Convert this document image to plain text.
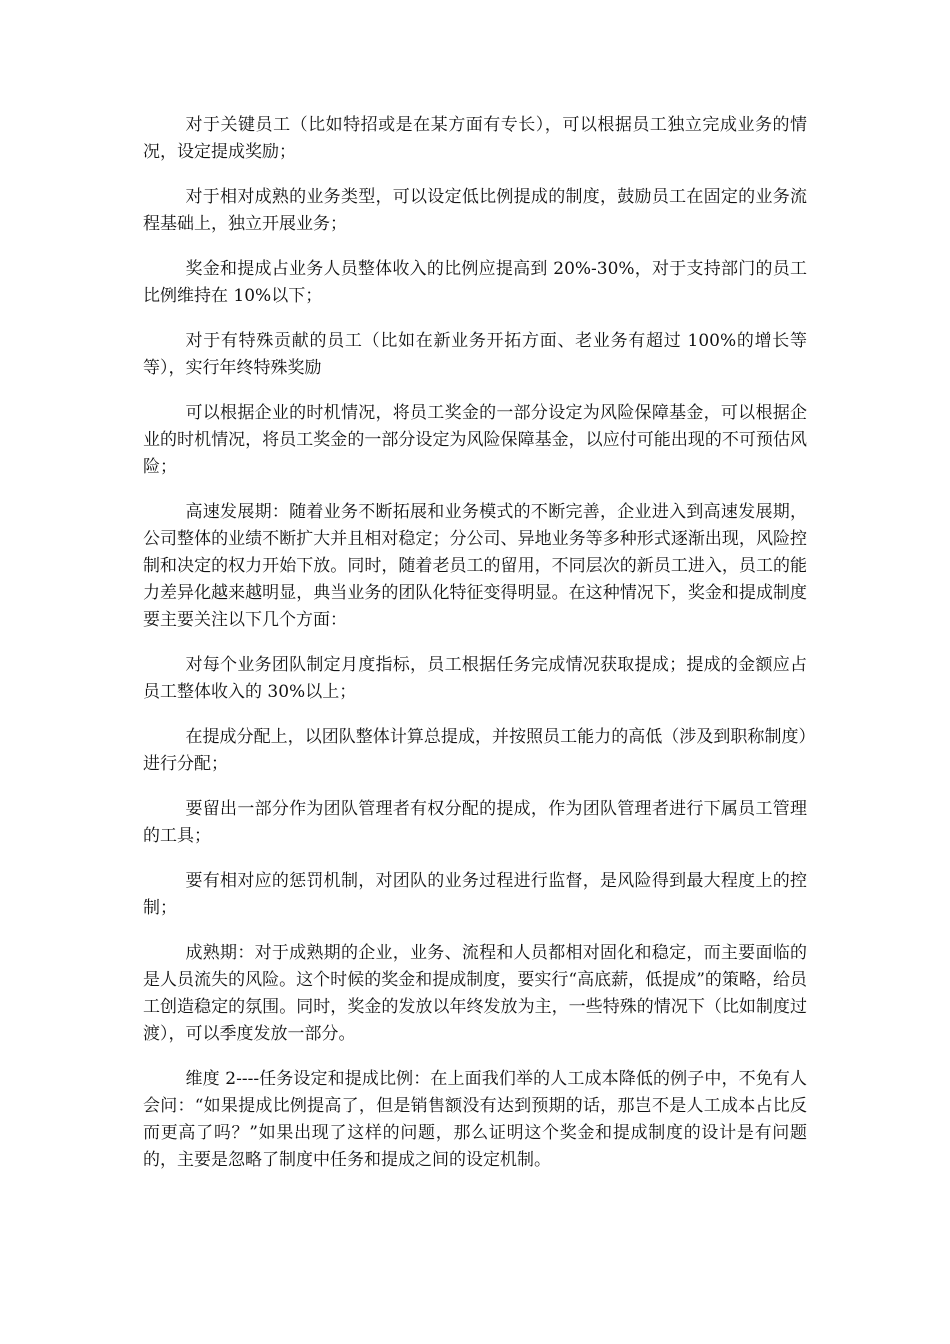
对于关键员工（比如特招或是在某方面有专长），可以根据员工独立完成业务的情况，设定提成奖励；

对于相对成熟的业务类型，可以设定低比例提成的制度，鼓励员工在固定的业务流程基础上，独立开展业务；

奖金和提成占业务人员整体收入的比例应提高到 20%-30%，对于支持部门的员工比例维持在 10%以下；

对于有特殊贡献的员工（比如在新业务开拓方面、老业务有超过 100%的增长等等），实行年终特殊奖励

可以根据企业的时机情况，将员工奖金的一部分设定为风险保障基金，可以根据企业的时机情况，将员工奖金的一部分设定为风险保障基金，以应付可能出现的不可预估风险；

高速发展期：随着业务不断拓展和业务模式的不断完善，企业进入到高速发展期，公司整体的业绩不断扩大并且相对稳定；分公司、异地业务等多种形式逐渐出现，风险控制和决定的权力开始下放。同时，随着老员工的留用，不同层次的新员工进入，员工的能力差异化越来越明显，典当业务的团队化特征变得明显。在这种情况下，奖金和提成制度要主要关注以下几个方面：

对每个业务团队制定月度指标，员工根据任务完成情况获取提成；提成的金额应占员工整体收入的 30%以上；

在提成分配上，以团队整体计算总提成，并按照员工能力的高低（涉及到职称制度）进行分配；

要留出一部分作为团队管理者有权分配的提成，作为团队管理者进行下属员工管理的工具；

要有相对应的惩罚机制，对团队的业务过程进行监督，是风险得到最大程度上的控制；

成熟期：对于成熟期的企业，业务、流程和人员都相对固化和稳定，而主要面临的是人员流失的风险。这个时候的奖金和提成制度，要实行“高底薪，低提成”的策略，给员工创造稳定的氛围。同时，奖金的发放以年终发放为主，一些特殊的情况下（比如制度过渡），可以季度发放一部分。

维度 2----任务设定和提成比例：在上面我们举的人工成本降低的例子中，不免有人会问：“如果提成比例提高了，但是销售额没有达到预期的话，那岂不是人工成本占比反而更高了吗？”如果出现了这样的问题，那么证明这个奖金和提成制度的设计是有问题的，主要是忽略了制度中任务和提成之间的设定机制。
